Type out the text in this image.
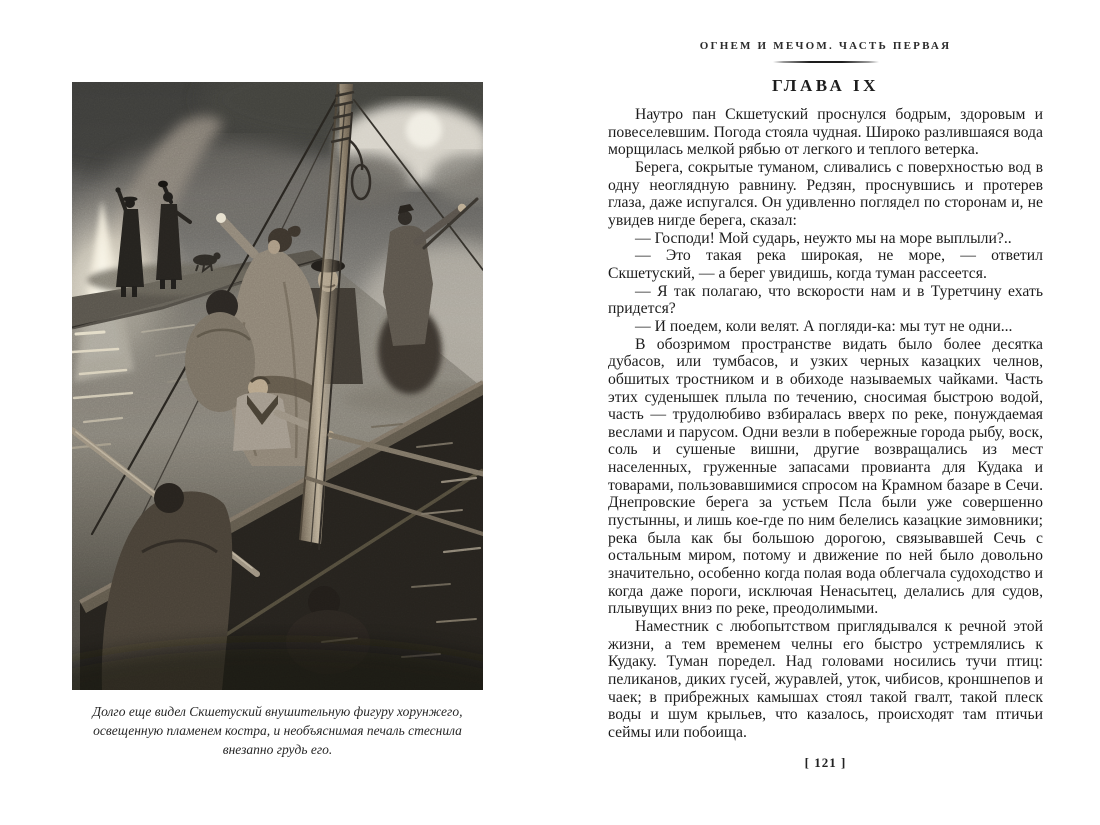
Долго еще видел Скшетуский внушительную фигуру хорунжего,
освещенную пламенем костра, и необъяснимая печаль стеснила
внезапно грудь его.
ОГНЕМ И МЕЧОМ. ЧАСТЬ ПЕРВАЯ
ГЛАВА IX

Наутро пан Скшетуский проснулся бодрым, здоровым и повеселевшим. Погода стояла чудная. Широко разлившаяся вода морщилась мелкой рябью от легкого и теплого ветерка.

Берега, сокрытые туманом, сливались с поверхностью вод в одну неоглядную равнину. Редзян, проснувшись и протерев глаза, даже испугался. Он удивленно поглядел по сторонам и, не увидев нигде берега, сказал:

— Господи! Мой сударь, неужто мы на море выплыли?..

— Это такая река широкая, не море, — ответил Скшетуский, — а берег увидишь, когда туман рассеется.

— Я так полагаю, что вскорости нам и в Туретчину ехать придется?

— И поедем, коли велят. А погляди-ка: мы тут не одни...

В обозримом пространстве видать было более десятка дубасов, или тумбасов, и узких черных казацких челнов, обшитых тростником и в обиходе называемых чайками. Часть этих суденышек плыла по течению, сносимая быстрою водой, часть — трудолюбиво взбиралась вверх по реке, понуждаемая веслами и парусом. Одни везли в побережные города рыбу, воск, соль и сушеные вишни, другие возвращались из мест населенных, груженные запасами провианта для Кудака и товарами, пользовавшимися спросом на Крамном базаре в Сечи. Днепровские берега за устьем Псла были уже совершенно пустынны, и лишь кое-где по ним белелись казацкие зимовники; река была как бы большою дорогою, связывавшей Сечь с остальным миром, потому и движение по ней было довольно значительно, особенно когда полая вода облегчала судоходство и когда даже пороги, исключая Ненасытец, делались для судов, плывущих вниз по реке, преодолимыми.

Наместник с любопытством приглядывался к речной этой жизни, а тем временем челны его быстро устремлялись к Кудаку. Туман поредел. Над головами носились тучи птиц: пеликанов, диких гусей, журавлей, уток, чибисов, кроншнепов и чаек; в прибрежных камышах стоял такой гвалт, такой плеск воды и шум крыльев, что казалось, происходят там птичьи сеймы или побоища.

[ 121 ]
